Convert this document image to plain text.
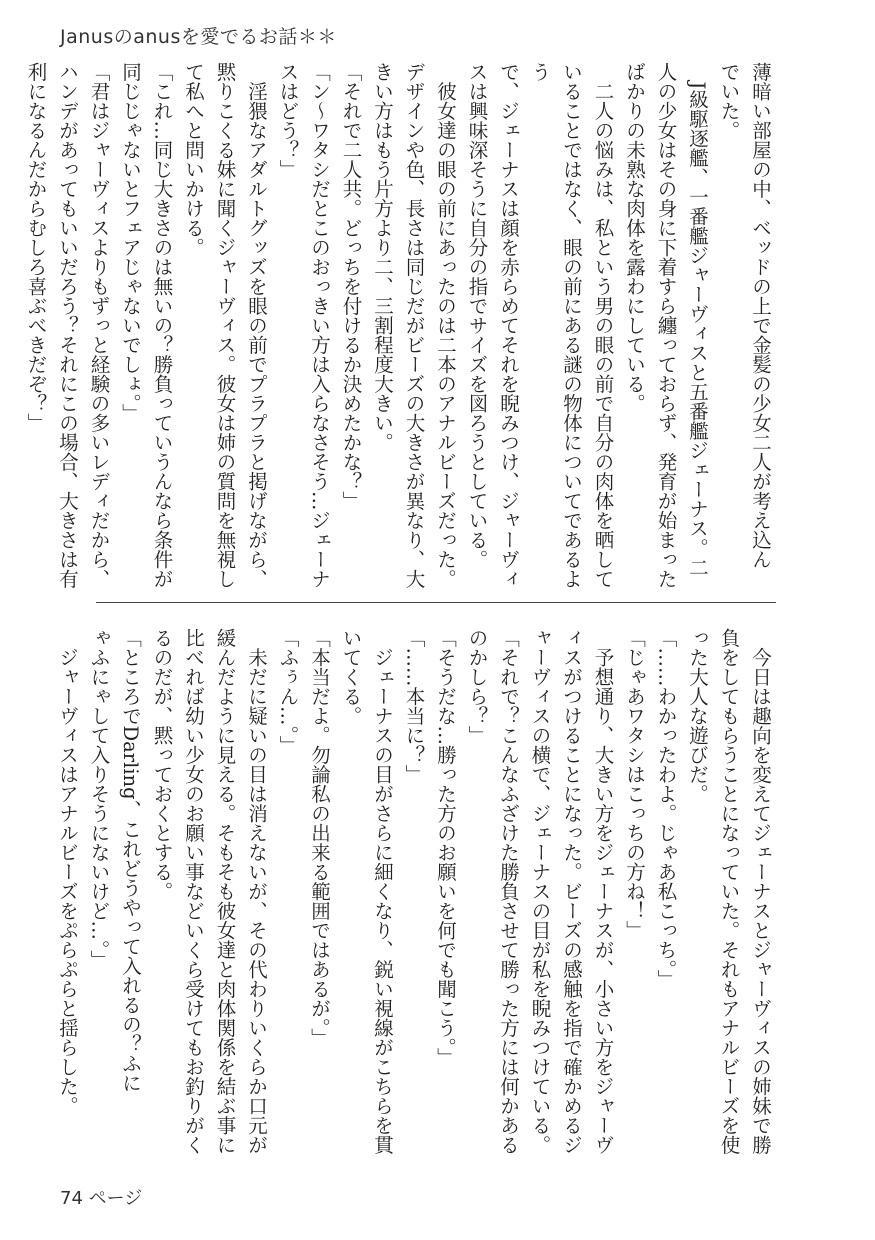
Janusのanusを愛でるお話＊＊

薄暗い部屋の中、ベッドの上で金髪の少女二人が考え込ん

でいた。

　J級駆逐艦、一番艦ジャーヴィスと五番艦ジェーナス。二

人の少女はその身に下着すら纏っておらず、発育が始まった

ばかりの未熟な肉体を露わにしている。

　二人の悩みは、私という男の眼の前で自分の肉体を晒して

いることではなく、眼の前にある謎の物体についてであるよう

で、ジェーナスは顔を赤らめてそれを睨みつけ、ジャーヴィ

スは興味深そうに自分の指でサイズを図ろうとしている。

　彼女達の眼の前にあったのは二本のアナルビーズだった。

デザインや色、長さは同じだがビーズの大きさが異なり、大

きい方はもう片方より二、三割程度大きい。

「それで二人共。どっちを付けるか決めたかな？」

「ン～ワタシだとこのおっきい方は入らなさそう…ジェーナ

スはどう？」

　淫猥なアダルトグッズを眼の前でプラプラと掲げながら、

黙りこくる妹に聞くジャーヴィス。彼女は姉の質問を無視し

て私へと問いかける。

「これ…同じ大きさのは無いの？勝負っていうんなら条件が

同じじゃないとフェアじゃないでしょ。」

「君はジャーヴィスよりもずっと経験の多いレディだから、

ハンデがあってもいいだろう？それにこの場合、大きさは有

利になるんだからむしろ喜ぶべきだぞ？」

　今日は趣向を変えてジェーナスとジャーヴィスの姉妹で勝

負をしてもらうことになっていた。それもアナルビーズを使

った大人な遊びだ。

「……わかったわよ。じゃあ私こっち。」

「じゃあワタシはこっちの方ね！」

　予想通り、大きい方をジェーナスが、小さい方をジャーヴ

ィスがつけることになった。ビーズの感触を指で確かめるジ

ャーヴィスの横で、ジェーナスの目が私を睨みつけている。

「それで？こんなふざけた勝負させて勝った方には何かある

のかしら？」

「そうだな…勝った方のお願いを何でも聞こう。」

「……本当に？」

　ジェーナスの目がさらに細くなり、鋭い視線がこちらを貫

いてくる。

「本当だよ。勿論私の出来る範囲ではあるが。」

「ふぅん…。」

　未だに疑いの目は消えないが、その代わりいくらか口元が

緩んだように見える。そもそも彼女達と肉体関係を結ぶ事に

比べれば幼い少女のお願い事などいくら受けてもお釣りがく

るのだが、黙っておくとする。

「ところでDarling、これどうやって入れるの？ふに

ゃふにゃして入りそうにないけど…。」

　ジャーヴィスはアナルビーズをぷらぷらと揺らした。

74 ページ
